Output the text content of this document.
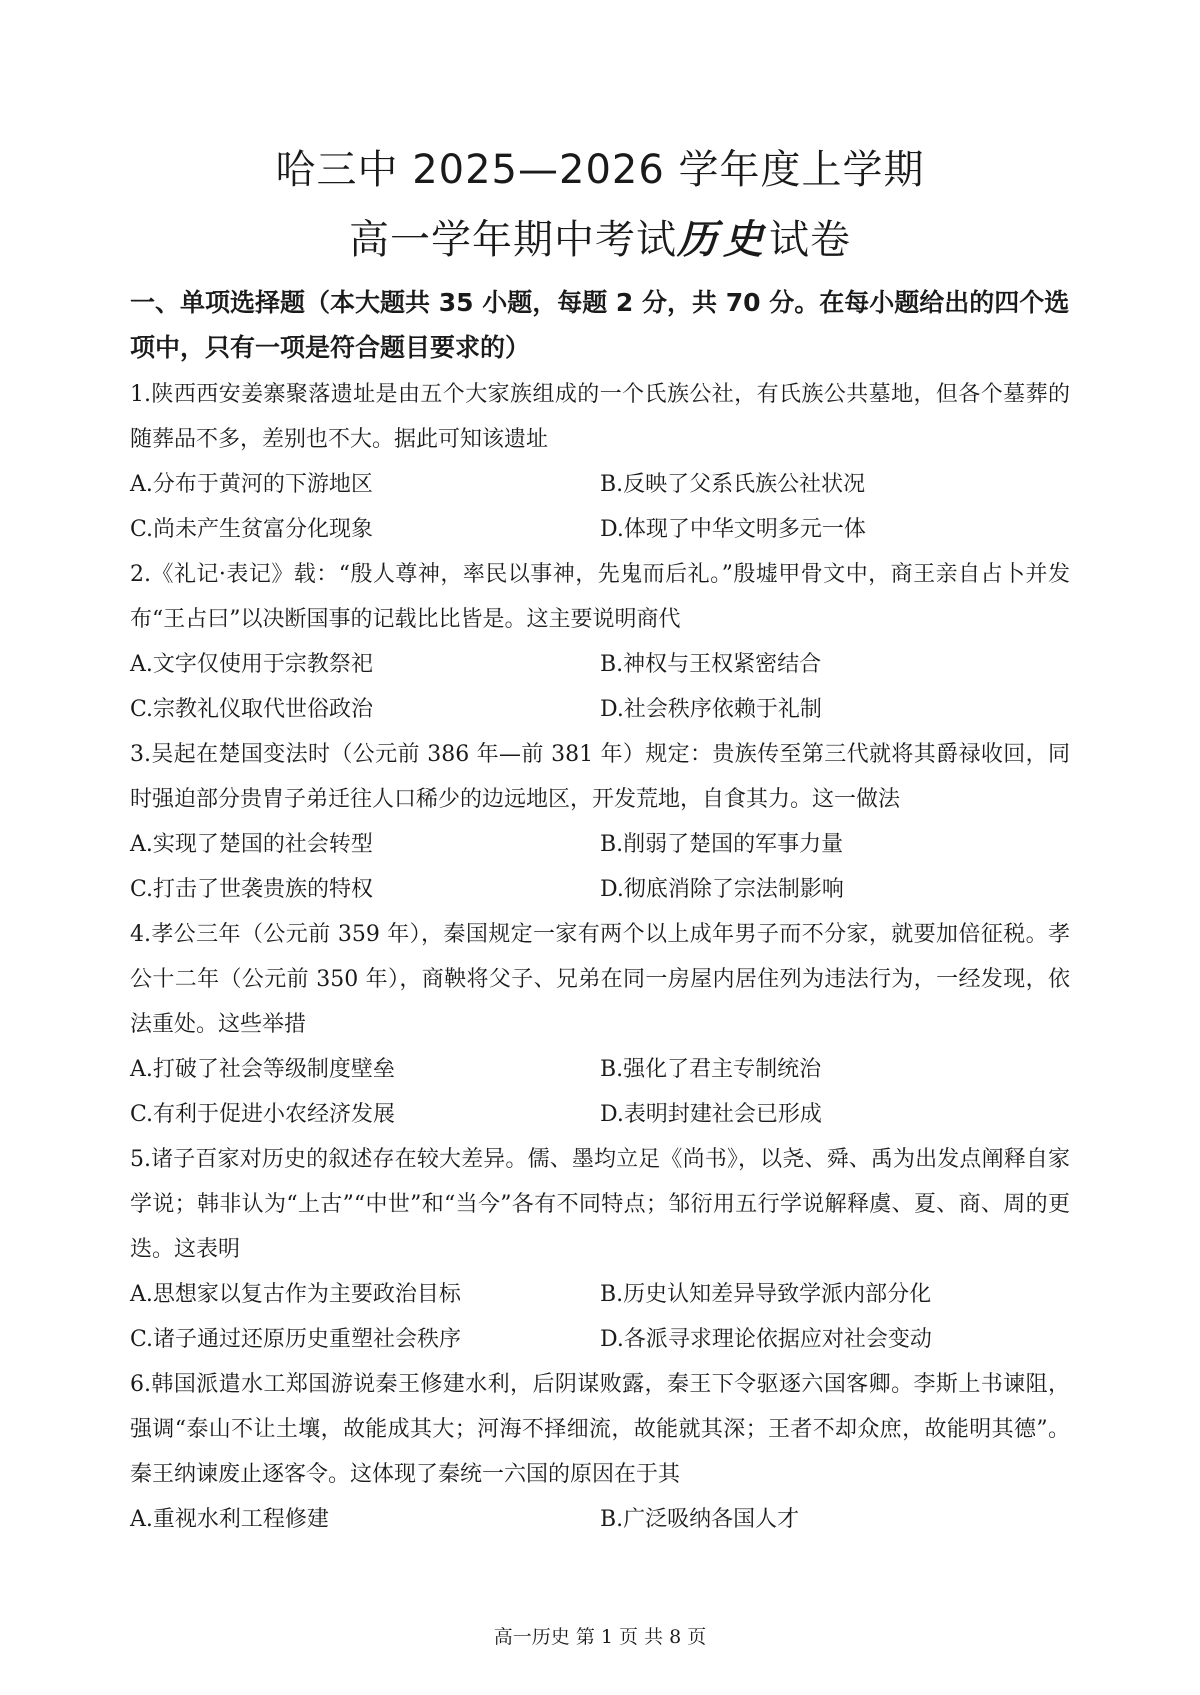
哈三中 2025—2026 学年度上学期
高一学年期中考试历史试卷
一、单项选择题（本大题共 35 小题，每题 2 分，共 70 分。在每小题给出的四个选项中，只有一项是符合题目要求的）
1.陕西西安姜寨聚落遗址是由五个大家族组成的一个氏族公社，有氏族公共墓地，但各个墓葬的随葬品不多，差别也不大。据此可知该遗址
A.分布于黄河的下游地区	B.反映了父系氏族公社状况
C.尚未产生贫富分化现象	D.体现了中华文明多元一体
2.《礼记·表记》载：“殷人尊神，率民以事神，先鬼而后礼。”殷墟甲骨文中，商王亲自占卜并发布“王占曰”以决断国事的记载比比皆是。这主要说明商代
A.文字仅使用于宗教祭祀	B.神权与王权紧密结合
C.宗教礼仪取代世俗政治	D.社会秩序依赖于礼制
3.吴起在楚国变法时（公元前 386 年—前 381 年）规定：贵族传至第三代就将其爵禄收回，同时强迫部分贵胄子弟迁往人口稀少的边远地区，开发荒地，自食其力。这一做法
A.实现了楚国的社会转型	B.削弱了楚国的军事力量
C.打击了世袭贵族的特权	D.彻底消除了宗法制影响
4.孝公三年（公元前 359 年），秦国规定一家有两个以上成年男子而不分家，就要加倍征税。孝公十二年（公元前 350 年），商鞅将父子、兄弟在同一房屋内居住列为违法行为，一经发现，依法重处。这些举措
A.打破了社会等级制度壁垒	B.强化了君主专制统治
C.有利于促进小农经济发展	D.表明封建社会已形成
5.诸子百家对历史的叙述存在较大差异。儒、墨均立足《尚书》，以尧、舜、禹为出发点阐释自家学说；韩非认为“上古”“中世”和“当今”各有不同特点；邹衍用五行学说解释虞、夏、商、周的更迭。这表明
A.思想家以复古作为主要政治目标	B.历史认知差异导致学派内部分化
C.诸子通过还原历史重塑社会秩序	D.各派寻求理论依据应对社会变动
6.韩国派遣水工郑国游说秦王修建水利，后阴谋败露，秦王下令驱逐六国客卿。李斯上书谏阻，强调“泰山不让土壤，故能成其大；河海不择细流，故能就其深；王者不却众庶，故能明其德”。秦王纳谏废止逐客令。这体现了秦统一六国的原因在于其
A.重视水利工程修建	B.广泛吸纳各国人才
高一历史 第 1 页 共 8 页
